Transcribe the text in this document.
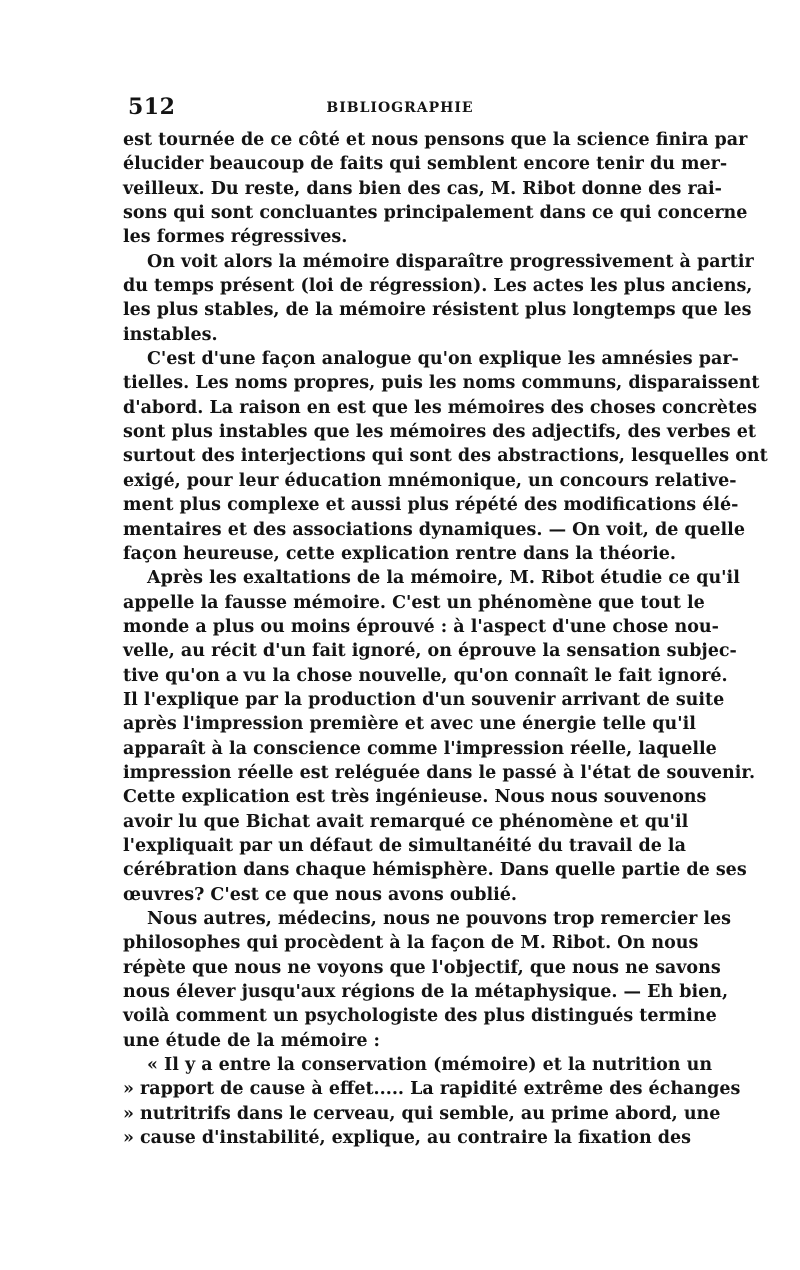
512	BIBLIOGRAPHIE
est tournée de ce côté et nous pensons que la science finira par
élucider beaucoup de faits qui semblent encore tenir du mer-
veilleux. Du reste, dans bien des cas, M. Ribot donne des rai-
sons qui sont concluantes principalement dans ce qui concerne
les formes régressives.
On voit alors la mémoire disparaître progressivement à partir
du temps présent (loi de régression). Les actes les plus anciens,
les plus stables, de la mémoire résistent plus longtemps que les
instables.
C'est d'une façon analogue qu'on explique les amnésies par-
tielles. Les noms propres, puis les noms communs, disparaissent
d'abord. La raison en est que les mémoires des choses concrètes
sont plus instables que les mémoires des adjectifs, des verbes et
surtout des interjections qui sont des abstractions, lesquelles ont
exigé, pour leur éducation mnémonique, un concours relative-
ment plus complexe et aussi plus répété des modifications élé-
mentaires et des associations dynamiques. — On voit, de quelle
façon heureuse, cette explication rentre dans la théorie.
Après les exaltations de la mémoire, M. Ribot étudie ce qu'il
appelle la fausse mémoire. C'est un phénomène que tout le
monde a plus ou moins éprouvé : à l'aspect d'une chose nou-
velle, au récit d'un fait ignoré, on éprouve la sensation subjec-
tive qu'on a vu la chose nouvelle, qu'on connaît le fait ignoré.
Il l'explique par la production d'un souvenir arrivant de suite
après l'impression première et avec une énergie telle qu'il
apparaît à la conscience comme l'impression réelle, laquelle
impression réelle est reléguée dans le passé à l'état de souvenir.
Cette explication est très ingénieuse. Nous nous souvenons
avoir lu que Bichat avait remarqué ce phénomène et qu'il
l'expliquait par un défaut de simultanéité du travail de la
cérébration dans chaque hémisphère. Dans quelle partie de ses
œuvres? C'est ce que nous avons oublié.
Nous autres, médecins, nous ne pouvons trop remercier les
philosophes qui procèdent à la façon de M. Ribot. On nous
répète que nous ne voyons que l'objectif, que nous ne savons
nous élever jusqu'aux régions de la métaphysique. — Eh bien,
voilà comment un psychologiste des plus distingués termine
une étude de la mémoire :
« Il y a entre la conservation (mémoire) et la nutrition un
» rapport de cause à effet..... La rapidité extrême des échanges
» nutritrifs dans le cerveau, qui semble, au prime abord, une
» cause d'instabilité, explique, au contraire la fixation des
